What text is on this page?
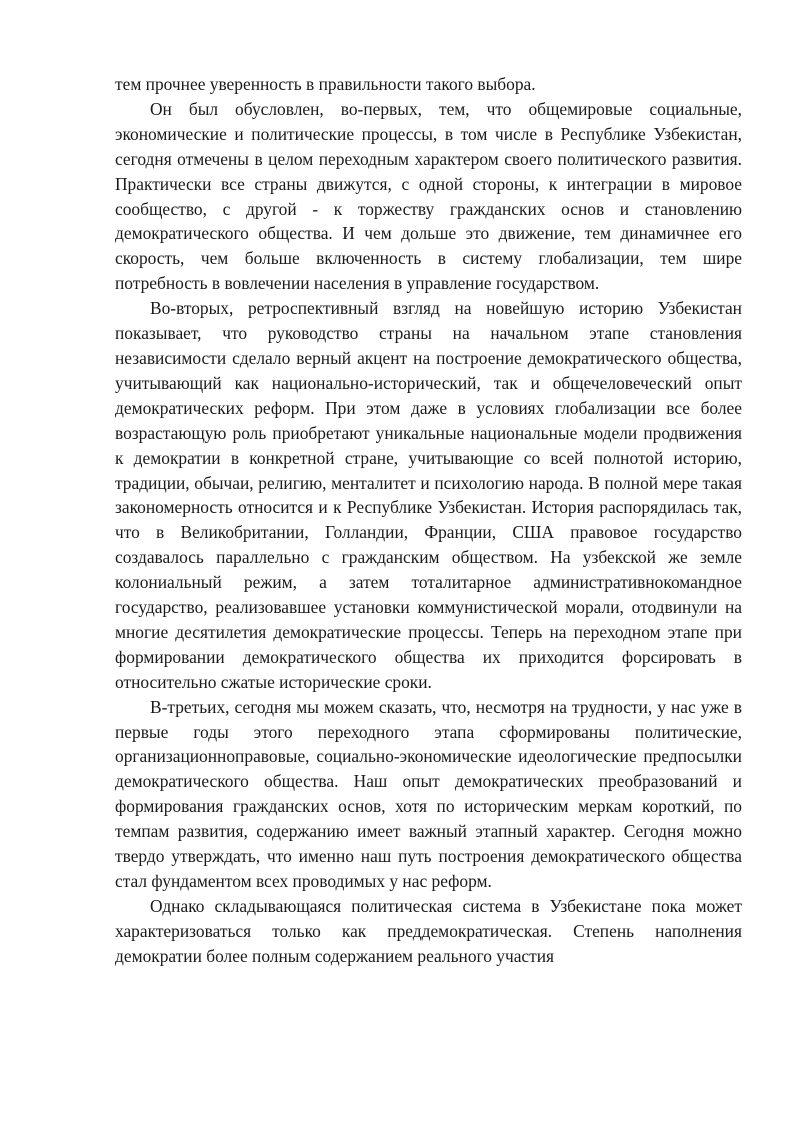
тем прочнее уверенность в правильности такого выбора.

Он был обусловлен, во-первых, тем, что общемировые социальные, экономические и политические процессы, в том числе в Республике Узбекистан, сегодня отмечены в целом переходным характером своего политического развития. Практически все страны движутся, с одной стороны, к интеграции в мировое сообщество, с другой - к торжеству гражданских основ и становлению демократического общества. И чем дольше это движение, тем динамичнее его скорость, чем больше включенность в систему глобализации, тем шире потребность в вовлечении населения в управление государством.

Во-вторых, ретроспективный взгляд на новейшую историю Узбекистан показывает, что руководство страны на начальном этапе становления независимости сделало верный акцент на построение демократического общества, учитывающий как национально-исторический, так и общечеловеческий опыт демократических реформ. При этом даже в условиях глобализации все более возрастающую роль приобретают уникальные национальные модели продвижения к демократии в конкретной стране, учитывающие со всей полнотой историю, традиции, обычаи, религию, менталитет и психологию народа. В полной мере такая закономерность относится и к Республике Узбекистан. История распорядилась так, что в Великобритании, Голландии, Франции, США правовое государство создавалось параллельно с гражданским обществом. На узбекской же земле колониальный режим, а затем тоталитарное административнокомандное государство, реализовавшее установки коммунистической морали, отодвинули на многие десятилетия демократические процессы. Теперь на переходном этапе при формировании демократического общества их приходится форсировать в относительно сжатые исторические сроки.

В-третьих, сегодня мы можем сказать, что, несмотря на трудности, у нас уже в первые годы этого переходного этапа сформированы политические, организационноправовые, социально-экономические идеологические предпосылки демократического общества. Наш опыт демократических преобразований и формирования гражданских основ, хотя по историческим меркам короткий, по темпам развития, содержанию имеет важный этапный характер. Сегодня можно твердо утверждать, что именно наш путь построения демократического общества стал фундаментом всех проводимых у нас реформ.

Однако складывающаяся политическая система в Узбекистане пока может характеризоваться только как преддемократическая. Степень наполнения демократии более полным содержанием реального участия
